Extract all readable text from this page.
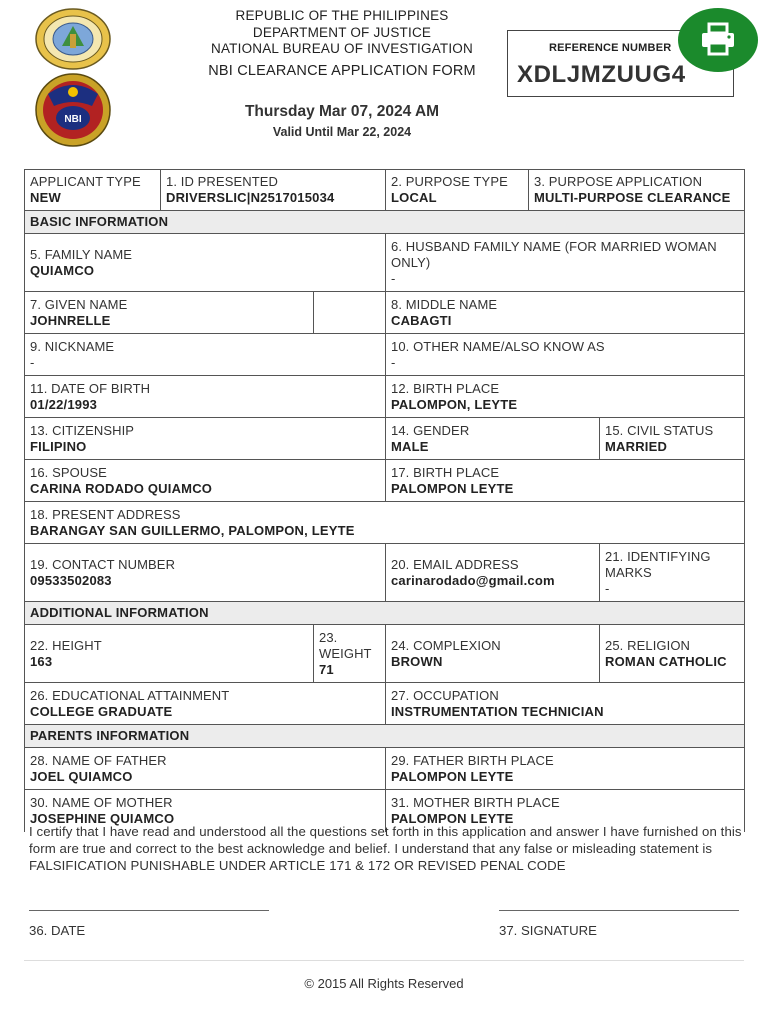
NBI
REPUBLIC OF THE PHILIPPINES
DEPARTMENT OF JUSTICE
NATIONAL BUREAU OF INVESTIGATION
NBI CLEARANCE APPLICATION FORM
Thursday Mar 07, 2024 AM
Valid Until Mar 22, 2024
REFERENCE NUMBER
XDLJMZUUG4
APPLICANT TYPE
NEW	1. ID PRESENTED
DRIVERSLIC|N2517015034		2. PURPOSE TYPE
LOCAL	3. PURPOSE APPLICATION
MULTI-PURPOSE CLEARANCE	

BASIC INFORMATION					

5. FAMILY NAME
QUIAMCO			6. HUSBAND FAMILY NAME (FOR MARRIED WOMAN ONLY)
-		

7. GIVEN NAME
JOHNRELLE			8. MIDDLE NAME
CABAGTI		

9. NICKNAME
-			10. OTHER NAME/ALSO KNOW AS
-		

11. DATE OF BIRTH
01/22/1993			12. BIRTH PLACE
PALOMPON, LEYTE		

13. CITIZENSHIP
FILIPINO			14. GENDER
MALE		15. CIVIL STATUS
MARRIED

16. SPOUSE
CARINA RODADO QUIAMCO			17. BIRTH PLACE
PALOMPON LEYTE		

18. PRESENT ADDRESS
BARANGAY SAN GUILLERMO, PALOMPON, LEYTE					

19. CONTACT NUMBER
09533502083			20. EMAIL ADDRESS
carinarodado@gmail.com		21. IDENTIFYING MARKS
-

ADDITIONAL INFORMATION					

22. HEIGHT
163		23. WEIGHT
71	24. COMPLEXION
BROWN		25. RELIGION
ROMAN CATHOLIC

26. EDUCATIONAL ATTAINMENT
COLLEGE GRADUATE			27. OCCUPATION
INSTRUMENTATION TECHNICIAN		

PARENTS INFORMATION					

28. NAME OF FATHER
JOEL QUIAMCO			29. FATHER BIRTH PLACE
PALOMPON LEYTE		

30. NAME OF MOTHER
JOSEPHINE QUIAMCO			31. MOTHER BIRTH PLACE
PALOMPON LEYTE		
I certify that I have read and understood all the questions set forth in this application and answer I have furnished on this form are true and correct to the best acknowledge and belief. I understand that any false or misleading statement is FALSIFICATION PUNISHABLE UNDER ARTICLE 171 & 172 OR REVISED PENAL CODE
36. DATE	37. SIGNATURE
© 2015 All Rights Reserved
